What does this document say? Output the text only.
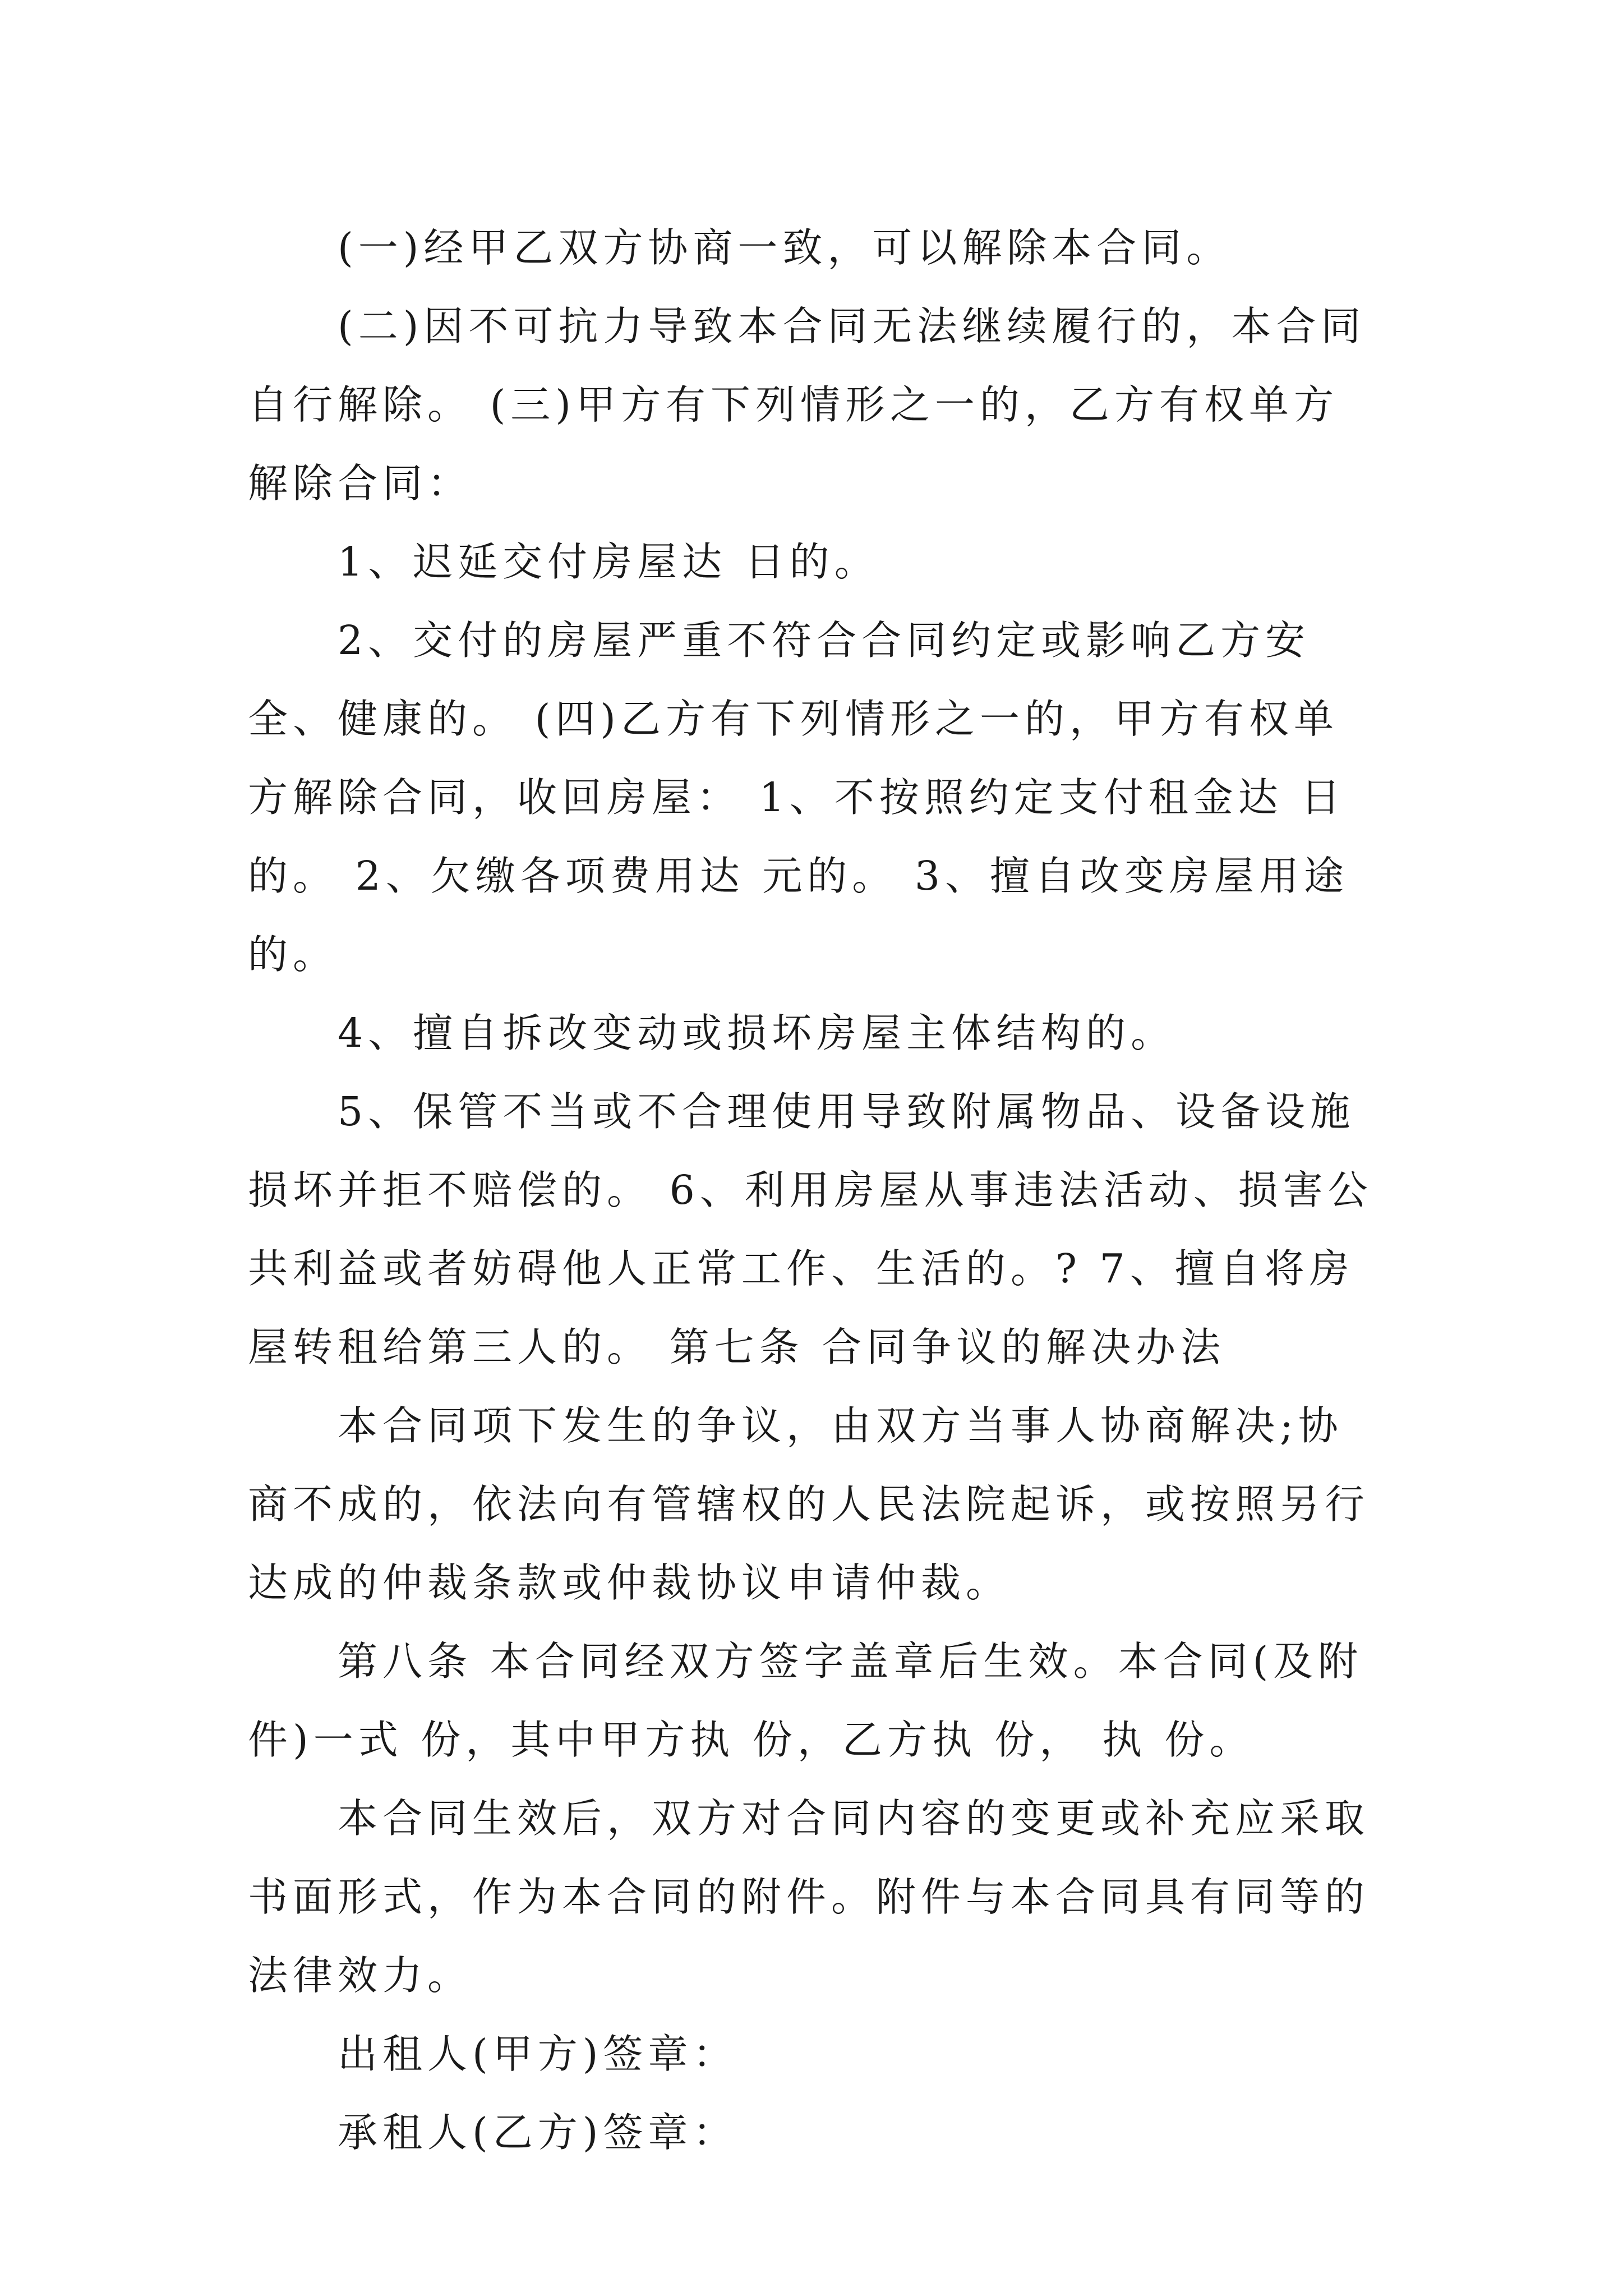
(一)经甲乙双方协商一致，可以解除本合同。

(二)因不可抗力导致本合同无法继续履行的，本合同自行解除。 (三)甲方有下列情形之一的，乙方有权单方解除合同：

1、迟延交付房屋达 日的。

2、交付的房屋严重不符合合同约定或影响乙方安全、健康的。 (四)乙方有下列情形之一的，甲方有权单方解除合同，收回房屋： 1、不按照约定支付租金达 日的。 2、欠缴各项费用达 元的。 3、擅自改变房屋用途的。

4、擅自拆改变动或损坏房屋主体结构的。

5、保管不当或不合理使用导致附属物品、设备设施损坏并拒不赔偿的。 6、利用房屋从事违法活动、损害公共利益或者妨碍他人正常工作、生活的。? 7、擅自将房屋转租给第三人的。 第七条 合同争议的解决办法

本合同项下发生的争议，由双方当事人协商解决;协商不成的，依法向有管辖权的人民法院起诉，或按照另行达成的仲裁条款或仲裁协议申请仲裁。

第八条 本合同经双方签字盖章后生效。本合同(及附件)一式 份，其中甲方执 份，乙方执 份， 执 份。

本合同生效后，双方对合同内容的变更或补充应采取书面形式，作为本合同的附件。附件与本合同具有同等的法律效力。

出租人(甲方)签章：

承租人(乙方)签章：
